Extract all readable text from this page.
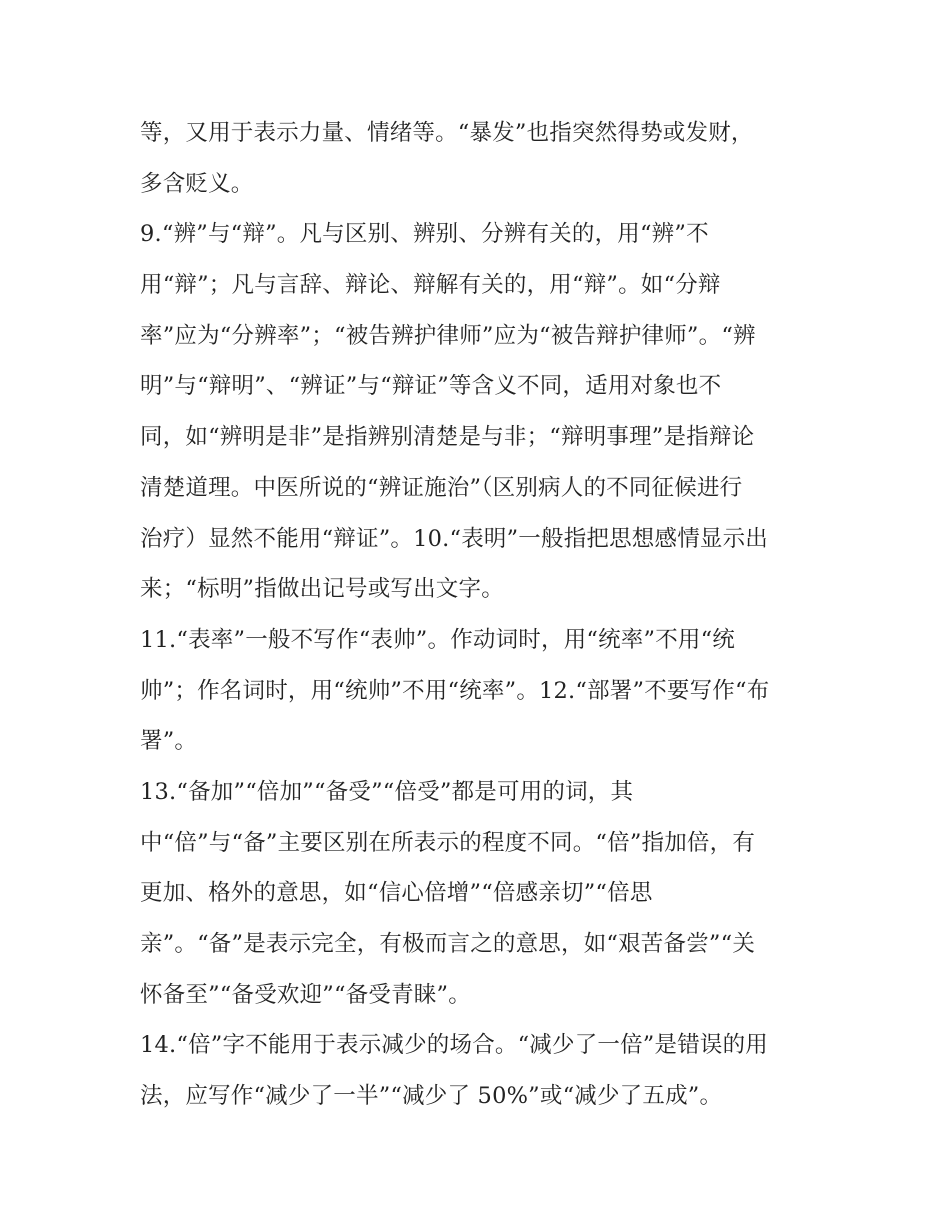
等，又用于表示力量、情绪等。“暴发”也指突然得势或发财，
多含贬义。
9.“辨”与“辩”。凡与区别、辨别、分辨有关的，用“辨”不
用“辩”；凡与言辞、辩论、辩解有关的，用“辩”。如“分辩
率”应为“分辨率”；“被告辨护律师”应为“被告辩护律师”。“辨
明”与“辩明”、“辨证”与“辩证”等含义不同，适用对象也不
同，如“辨明是非”是指辨别清楚是与非；“辩明事理”是指辩论
清楚道理。中医所说的“辨证施治”（区别病人的不同征候进行
治疗）显然不能用“辩证”。10.“表明”一般指把思想感情显示出
来；“标明”指做出记号或写出文字。
11.“表率”一般不写作“表帅”。作动词时，用“统率”不用“统
帅”；作名词时，用“统帅”不用“统率”。12.“部署”不要写作“布
署”。
13.“备加”“倍加”“备受”“倍受”都是可用的词，其
中“倍”与“备”主要区别在所表示的程度不同。“倍”指加倍，有
更加、格外的意思，如“信心倍增”“倍感亲切”“倍思
亲”。“备”是表示完全，有极而言之的意思，如“艰苦备尝”“关
怀备至”“备受欢迎”“备受青睐”。
14.“倍”字不能用于表示减少的场合。“减少了一倍”是错误的用
法，应写作“减少了一半”“减少了 50%”或“减少了五成”。
